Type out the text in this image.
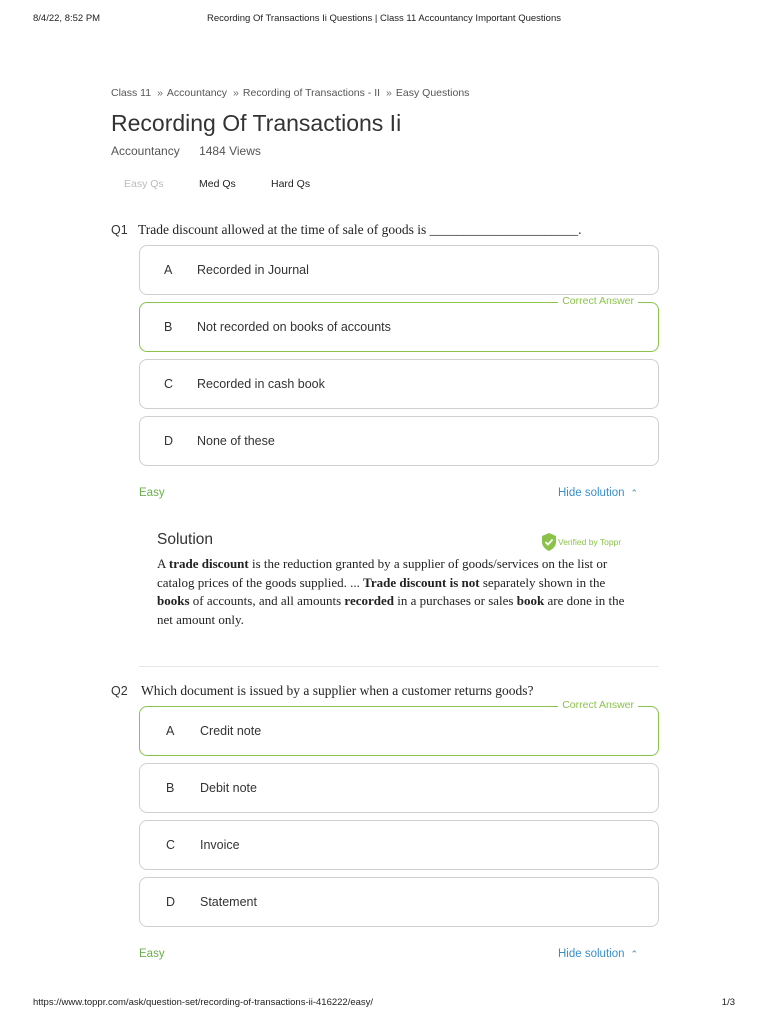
8/4/22, 8:52 PM	Recording Of Transactions Ii Questions | Class 11 Accountancy Important Questions
Class 11 » Accountancy » Recording of Transactions - II » Easy Questions
Recording Of Transactions Ii
Accountancy 1484 Views
Easy Qs	Med Qs	Hard Qs
Q1 Trade discount allowed at the time of sale of goods is ______________________.
A Recorded in Journal
Correct Answer
B Not recorded on books of accounts
C Recorded in cash book
D None of these
Easy	Hide solution ⌃
Solution	Verified by Toppr
A trade discount is the reduction granted by a supplier of goods/services on the list or catalog prices of the goods supplied. ... Trade discount is not separately shown in the books of accounts, and all amounts recorded in a purchases or sales book are done in the net amount only.
Q2 Which document is issued by a supplier when a customer returns goods?
Correct Answer
A Credit note
B Debit note
C Invoice
D Statement
Easy	Hide solution ⌃
https://www.toppr.com/ask/question-set/recording-of-transactions-ii-416222/easy/	1/3
